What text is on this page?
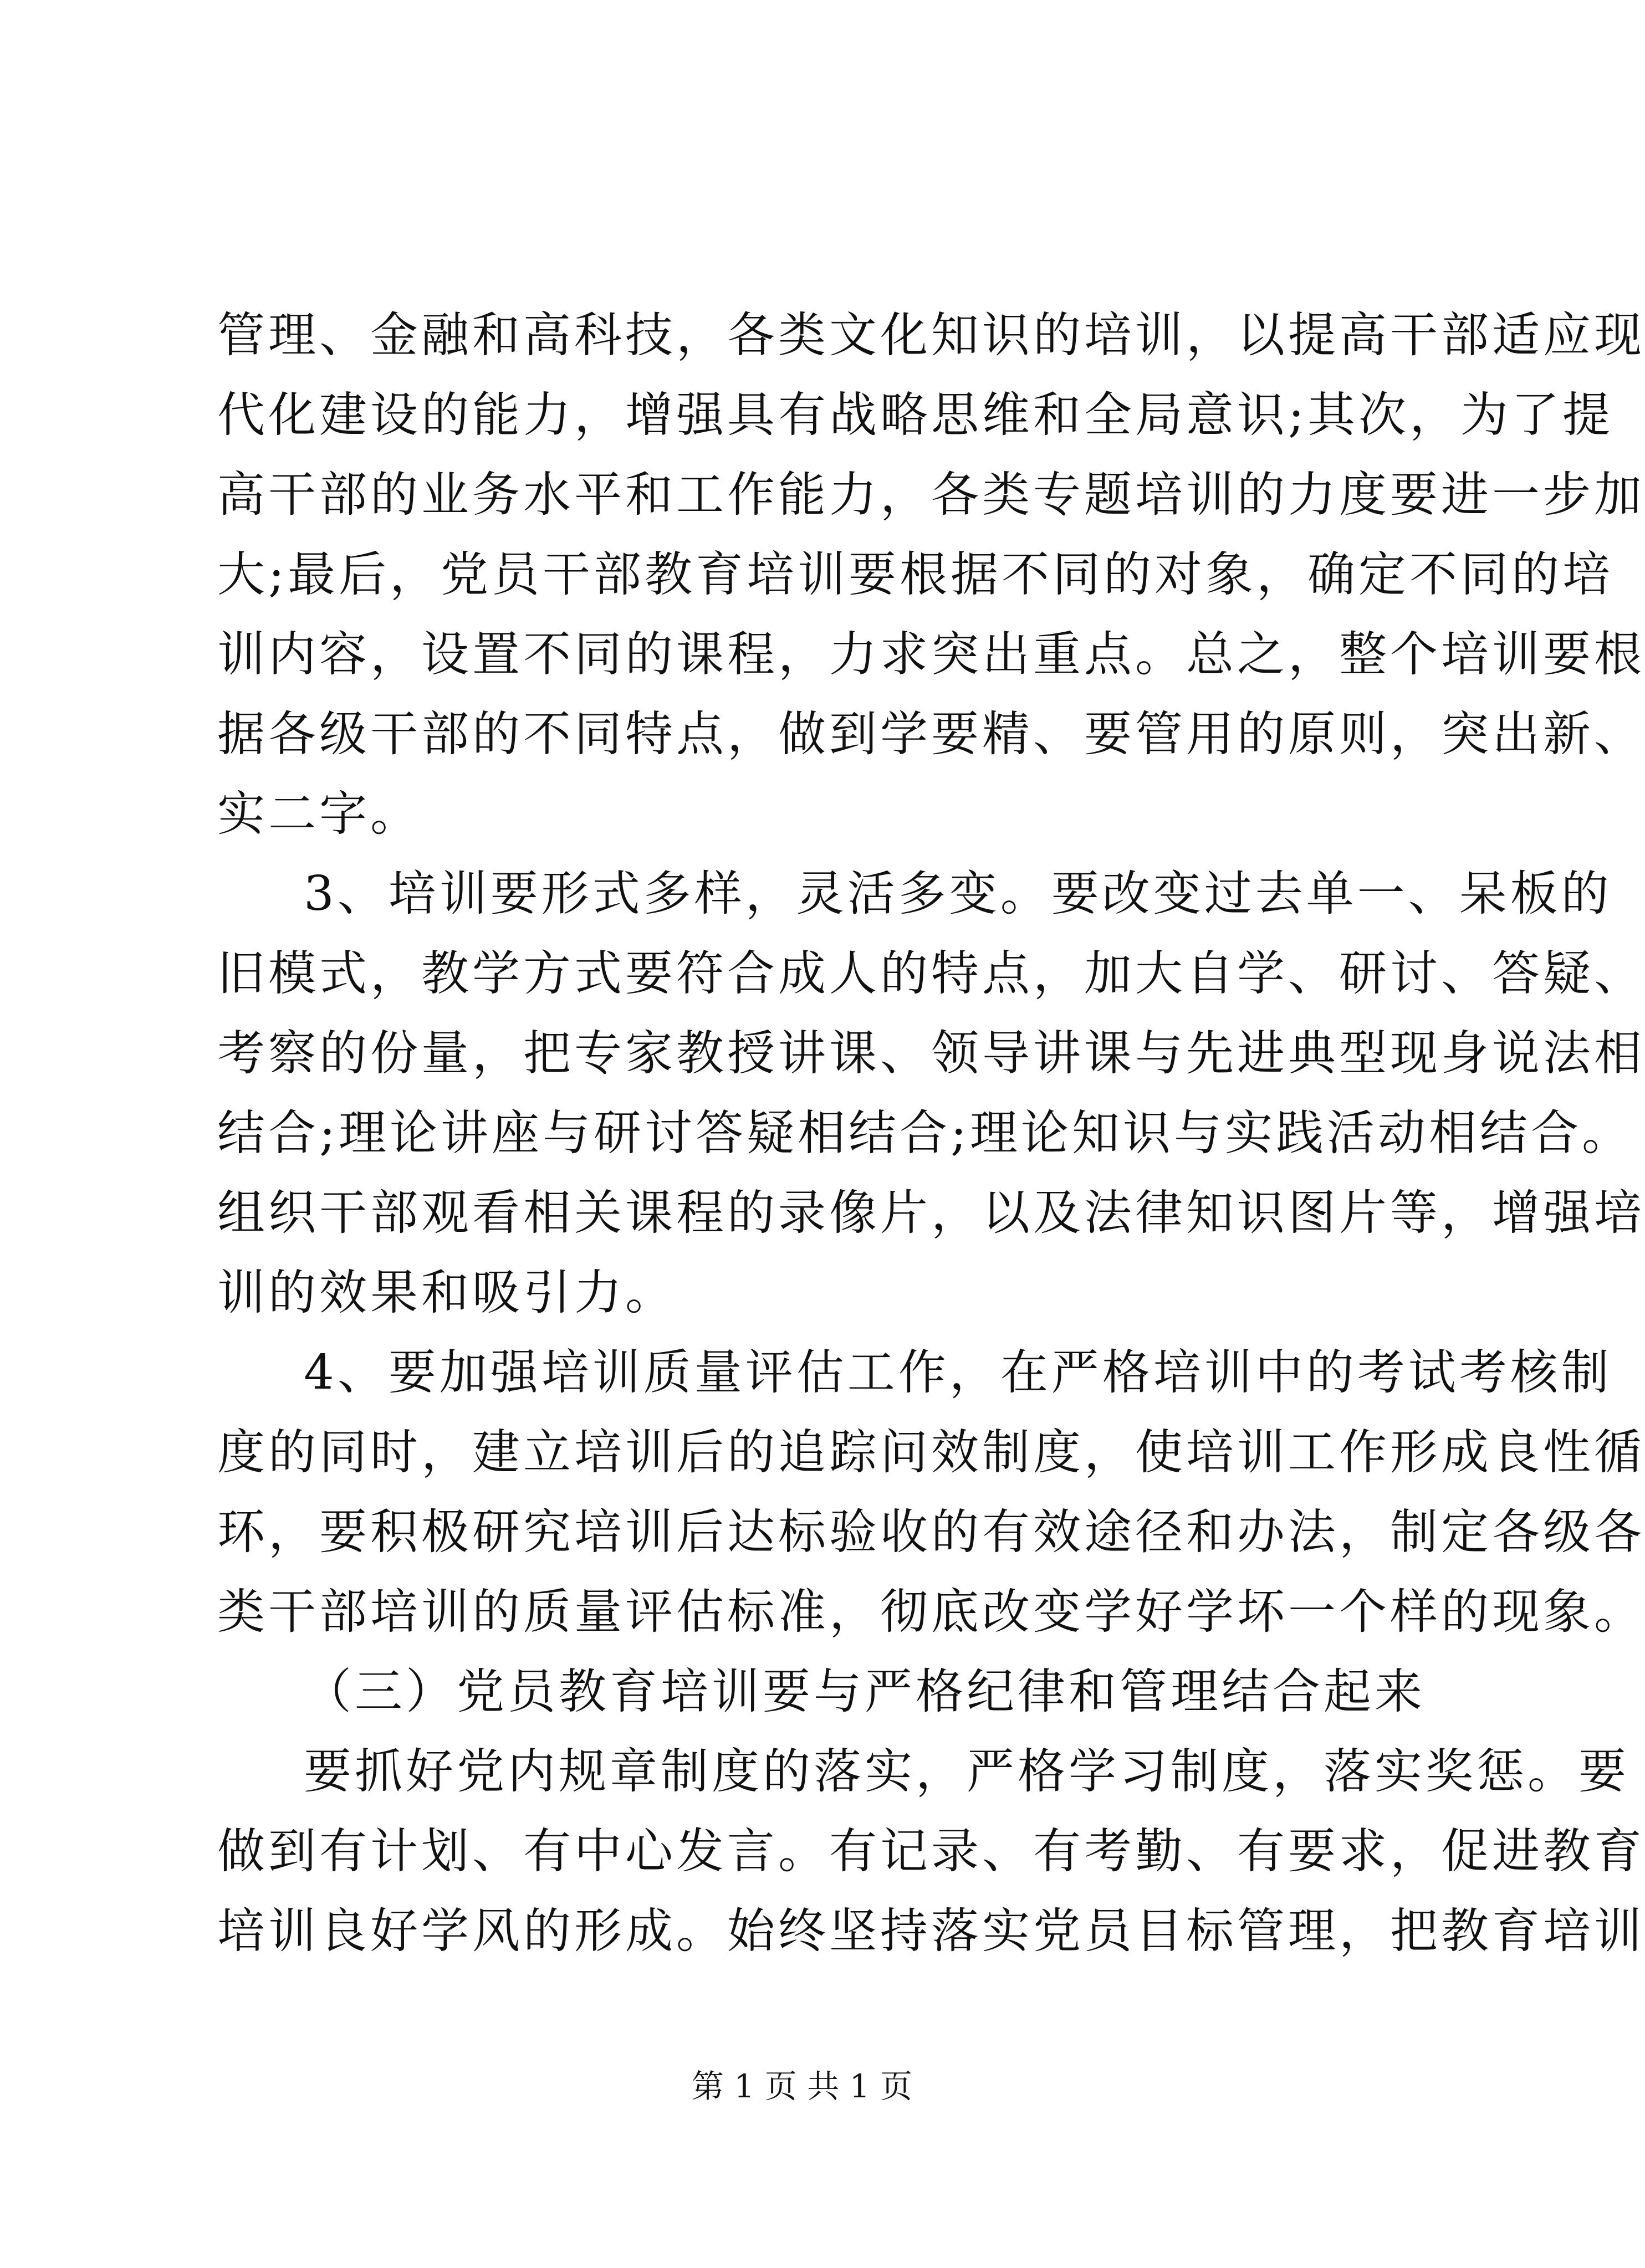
管理、金融和高科技，各类文化知识的培训，以提高干部适应现
代化建设的能力，增强具有战略思维和全局意识;其次，为了提
高干部的业务水平和工作能力，各类专题培训的力度要进一步加
大;最后，党员干部教育培训要根据不同的对象，确定不同的培
训内容，设置不同的课程，力求突出重点。总之，整个培训要根
据各级干部的不同特点，做到学要精、要管用的原则，突出新、
实二字。
3、培训要形式多样，灵活多变。要改变过去单一、呆板的
旧模式，教学方式要符合成人的特点，加大自学、研讨、答疑、
考察的份量，把专家教授讲课、领导讲课与先进典型现身说法相
结合;理论讲座与研讨答疑相结合;理论知识与实践活动相结合。
组织干部观看相关课程的录像片，以及法律知识图片等，增强培
训的效果和吸引力。
4、要加强培训质量评估工作，在严格培训中的考试考核制
度的同时，建立培训后的追踪问效制度，使培训工作形成良性循
环，要积极研究培训后达标验收的有效途径和办法，制定各级各
类干部培训的质量评估标准，彻底改变学好学坏一个样的现象。
（三）党员教育培训要与严格纪律和管理结合起来
要抓好党内规章制度的落实，严格学习制度，落实奖惩。要
做到有计划、有中心发言。有记录、有考勤、有要求，促进教育
培训良好学风的形成。始终坚持落实党员目标管理，把教育培训
第 1 页 共 1 页
